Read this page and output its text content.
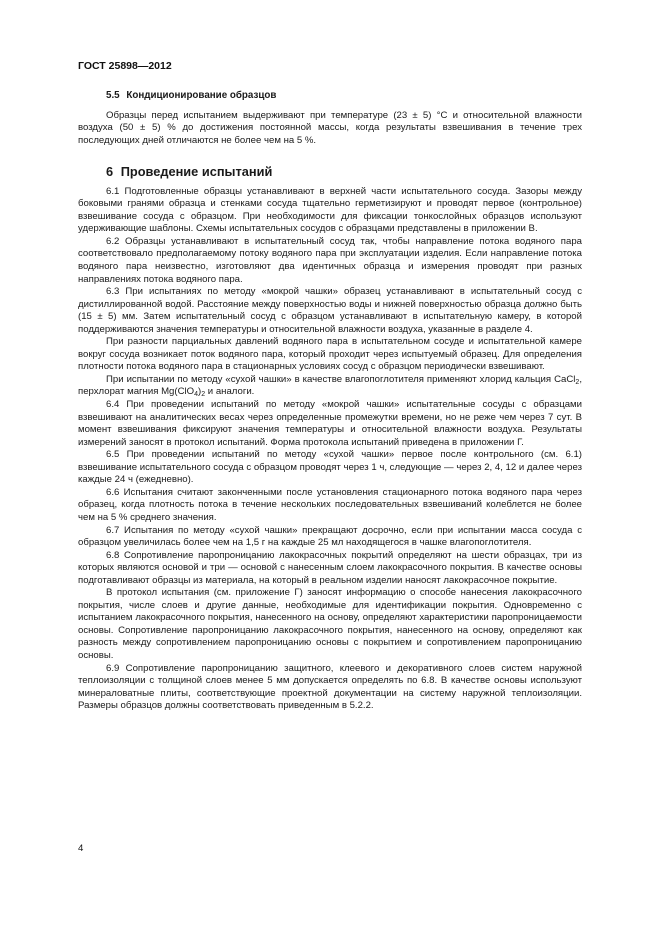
ГОСТ 25898—2012
5.5 Кондиционирование образцов

Образцы перед испытанием выдерживают при температуре (23 ± 5) °С и относительной влажности воздуха (50 ± 5) % до достижения постоянной массы, когда результаты взвешивания в течение трех последующих дней отличаются не более чем на 5 %.

6 Проведение испытаний

6.1 Подготовленные образцы устанавливают в верхней части испытательного сосуда. Зазоры между боковыми гранями образца и стенками сосуда тщательно герметизируют и проводят первое (контрольное) взвешивание сосуда с образцом. При необходимости для фиксации тонкослойных образцов используют удерживающие шаблоны. Схемы испытательных сосудов с образцами представлены в приложении В.

6.2 Образцы устанавливают в испытательный сосуд так, чтобы направление потока водяного пара соответствовало предполагаемому потоку водяного пара при эксплуатации изделия. Если направление потока водяного пара неизвестно, изготовляют два идентичных образца и измерения проводят при разных направлениях потока водяного пара.

6.3 При испытаниях по методу «мокрой чашки» образец устанавливают в испытательный сосуд с дистиллированной водой. Расстояние между поверхностью воды и нижней поверхностью образца должно быть (15 ± 5) мм. Затем испытательный сосуд с образцом устанавливают в испытательную камеру, в которой поддерживаются значения температуры и относительной влажности воздуха, указанные в разделе 4.

При разности парциальных давлений водяного пара в испытательном сосуде и испытательной камере вокруг сосуда возникает поток водяного пара, который проходит через испытуемый образец. Для определения плотности потока водяного пара в стационарных условиях сосуд с образцом периодически взвешивают.

При испытании по методу «сухой чашки» в качестве влагопоглотителя применяют хлорид кальция CaCl$_2$, перхлорат магния $Mg(ClO_4)_2$ и аналоги.

6.4 При проведении испытаний по методу «мокрой чашки» испытательные сосуды с образцами взвешивают на аналитических весах через определенные промежутки времени, но не реже чем через 7 сут. В момент взвешивания фиксируют значения температуры и относительной влажности воздуха. Результаты измерений заносят в протокол испытаний. Форма протокола испытаний приведена в приложении Г.

6.5 При проведении испытаний по методу «сухой чашки» первое после контрольного (см. 6.1) взвешивание испытательного сосуда с образцом проводят через 1 ч, следующие — через 2, 4, 12 и далее через каждые 24 ч (ежедневно).

6.6 Испытания считают законченными после установления стационарного потока водяного пара через образец, когда плотность потока в течение нескольких последовательных взвешиваний колеблется не более чем на 5 % среднего значения.

6.7 Испытания по методу «сухой чашки» прекращают досрочно, если при испытании масса сосуда с образцом увеличилась более чем на 1,5 г на каждые 25 мл находящегося в чашке влагопоглотителя.

6.8 Сопротивление паропроницанию лакокрасочных покрытий определяют на шести образцах, три из которых являются основой и три — основой с нанесенным слоем лакокрасочного покрытия. В качестве основы подготавливают образцы из материала, на который в реальном изделии наносят лакокрасочное покрытие.

В протокол испытания (см. приложение Г) заносят информацию о способе нанесения лакокрасочного покрытия, числе слоев и другие данные, необходимые для идентификации покрытия. Одновременно с испытанием лакокрасочного покрытия, нанесенного на основу, определяют характеристики паропроницаемости основы. Сопротивление паропроницанию лакокрасочного покрытия, нанесенного на основу, определяют как разность между сопротивлением паропроницанию основы с покрытием и сопротивлением паропроницанию основы.

6.9 Сопротивление паропроницанию защитного, клеевого и декоративного слоев систем наружной теплоизоляции с толщиной слоев менее 5 мм допускается определять по 6.8. В качестве основы используют минераловатные плиты, соответствующие проектной документации на систему наружной теплоизоляции. Размеры образцов должны соответствовать приведенным в 5.2.2.

4
